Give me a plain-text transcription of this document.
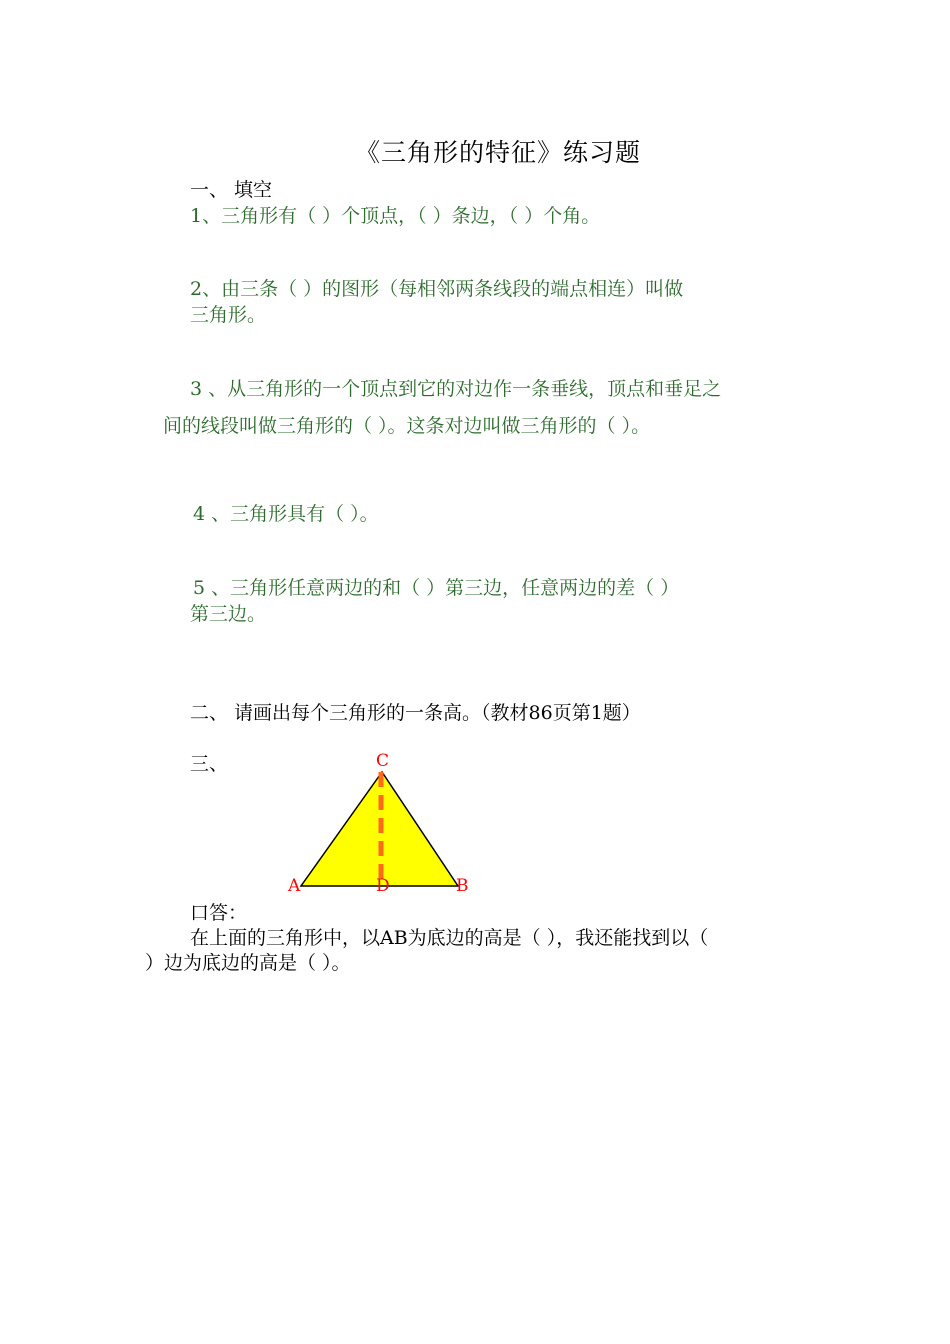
《三角形的特征》练习题
一、 填空
1、三角形有（ ）个顶点，（ ）条边，（ ）个角。
2、由三条（ ）的图形（每相邻两条线段的端点相连）叫做
三角形。
3 、从三角形的一个顶点到它的对边作一条垂线，顶点和垂足之
间的线段叫做三角形的（ ）。这条对边叫做三角形的（ ）。
4 、三角形具有（ ）。
5 、三角形任意两边的和（ ）第三边，任意两边的差（ ）
第三边。
二、 请画出每个三角形的一条高。（教材86页第1题）
三、	C
A	B
D
口答：
在上面的三角形中，以AB为底边的高是（ ），我还能找到以（
）边为底边的高是（ ）。
